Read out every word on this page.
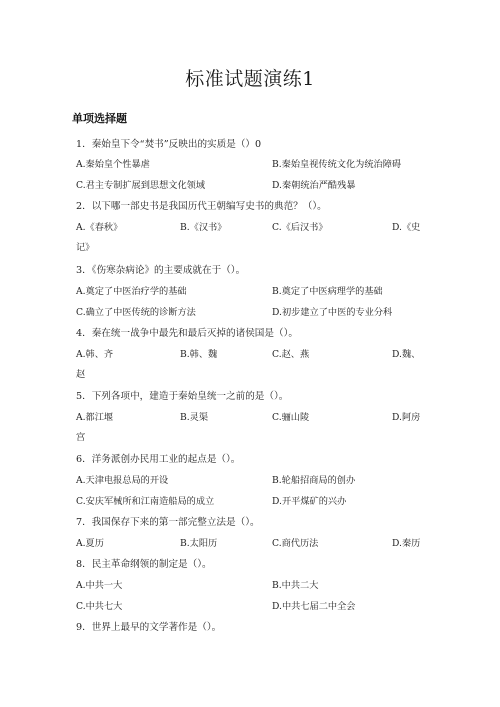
标准试题演练1
单项选择题
1．秦始皇下令“焚书”反映出的实质是（）0
A.秦始皇个性暴虐	B.秦始皇视传统文化为统治障碍
C.君主专制扩展到思想文化领域	D.秦朝统治严酷残暴
2．以下哪一部史书是我国历代王朝编写史书的典范？（）。
A.《春秋》	B.《汉书》	C.《后汉书》	D.《史
记》
3．《伤寒杂病论》的主要成就在于（）。
A.奠定了中医治疗学的基础	B.奠定了中医病理学的基础
C.确立了中医传统的诊断方法	D.初步建立了中医的专业分科
4．秦在统一战争中最先和最后灭掉的诸侯国是（）。
A.韩、齐	B.韩、魏	C.赵、燕	D.魏、
赵
5．下列各项中，建造于秦始皇统一之前的是（）。
A.都江堰	B.灵渠	C.骊山陵	D.阿房
宫
6．洋务派创办民用工业的起点是（）。
A.天津电报总局的开设	B.轮船招商局的创办
C.安庆军械所和江南造船局的成立	D.开平煤矿的兴办
7．我国保存下来的第一部完整立法是（）。
A.夏历	B.太阳历	C.商代历法	D.秦历
8．民主革命纲领的制定是（）。
A.中共一大	B.中共二大
C.中共七大	D.中共七届二中全会
9．世界上最早的文学著作是（）。
